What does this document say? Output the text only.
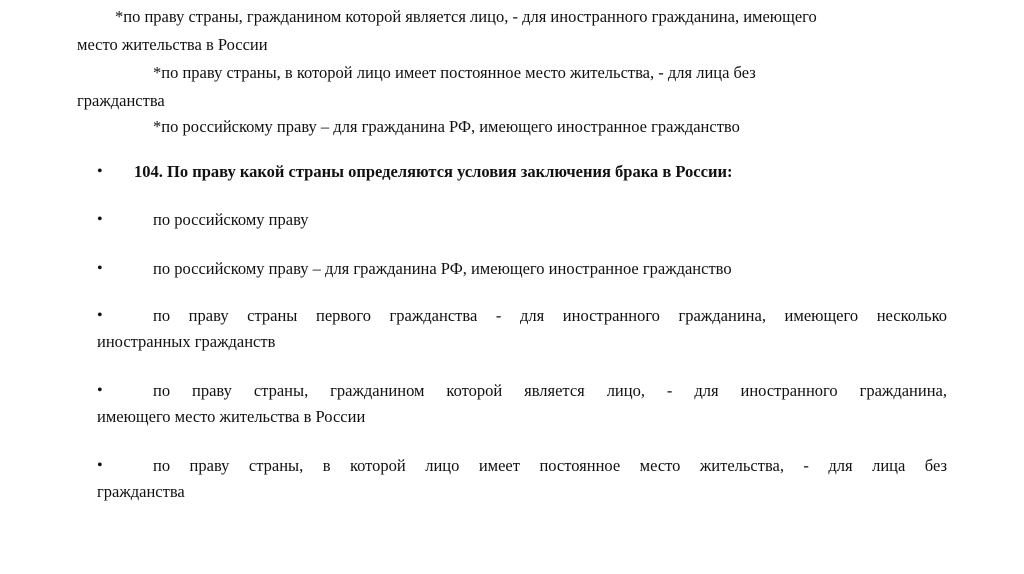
*по праву страны, гражданином которой является лицо, - для иностранного гражданина, имеющего

место жительства в России

*по праву страны, в которой лицо имеет постоянное место жительства, - для лица без

гражданства

*по российскому праву – для гражданина РФ, имеющего иностранное гражданство

• 104. По праву какой страны определяются условия заключения брака в России:

•	по российскому праву

•	по российскому праву – для гражданина РФ, имеющего иностранное гражданство

•	по праву страны первого гражданства - для иностранного гражданина, имеющего несколько

иностранных гражданств

•	по праву страны, гражданином которой является лицо, - для иностранного гражданина,

имеющего место жительства в России

•	по праву страны, в которой лицо имеет постоянное место жительства, - для лица без

гражданства
